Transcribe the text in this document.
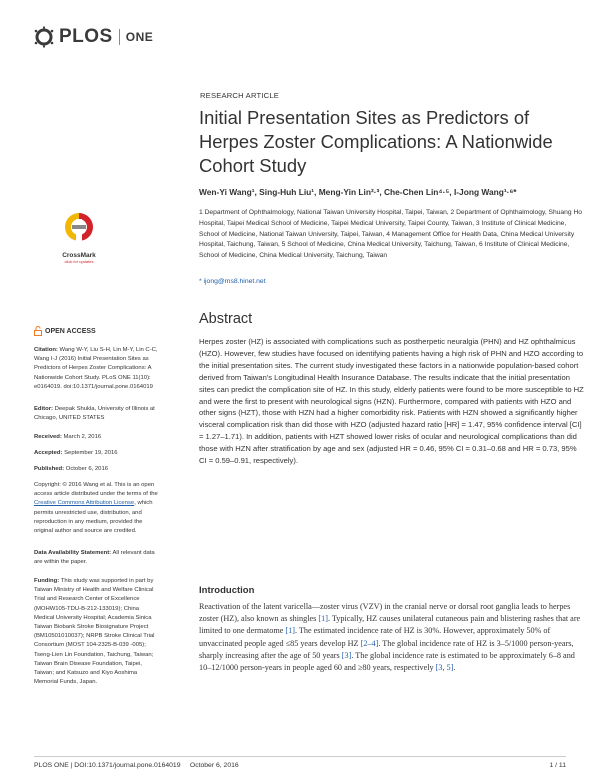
PLOS ONE
RESEARCH ARTICLE
Initial Presentation Sites as Predictors of Herpes Zoster Complications: A Nationwide Cohort Study
Wen-Yi Wang¹, Sing-Huh Liu¹, Meng-Yin Lin²·³, Che-Chen Lin⁴·⁵, I-Jong Wang¹·⁶*
1 Department of Ophthalmology, National Taiwan University Hospital, Taipei, Taiwan, 2 Department of Ophthalmology, Shuang Ho Hospital, Taipei Medical School of Medicine, Taipei Medical University, Taipei County, Taiwan, 3 Institute of Clinical Medicine, School of Medicine, National Taiwan University, Taipei, Taiwan, 4 Management Office for Health Data, China Medical University Hospital, Taichung, Taiwan, 5 School of Medicine, China Medical University, Taichung, Taiwan, 6 Institute of Clinical Medicine, School of Medicine, China Medical University, Taichung, Taiwan
* ijong@ms8.hinet.net
CrossMark
click for updates
OPEN ACCESS
Citation: Wang W-Y, Liu S-H, Lin M-Y, Lin C-C, Wang I-J (2016) Initial Presentation Sites as Predictors of Herpes Zoster Complications: A Nationwide Cohort Study. PLoS ONE 11(10): e0164019. doi:10.1371/journal.pone.0164019
Editor: Deepak Shukla, University of Illinois at Chicago, UNITED STATES
Received: March 2, 2016
Accepted: September 19, 2016
Published: October 6, 2016
Copyright: © 2016 Wang et al. This is an open access article distributed under the terms of the Creative Commons Attribution License, which permits unrestricted use, distribution, and reproduction in any medium, provided the original author and source are credited.
Data Availability Statement: All relevant data are within the paper.
Funding: This study was supported in part by Taiwan Ministry of Health and Welfare Clinical Trial and Research Center of Excellence (MOHW105-TDU-B-212-133019); China Medical University Hospital; Academia Sinica Taiwan Biobank Stroke Biosignature Project (BM10501010037); NRPB Stroke Clinical Trial Consortium (MOST 104-2325-B-039 -005); Tseng-Lien Lin Foundation, Taichung, Taiwan; Taiwan Brain Disease Foundation, Taipei, Taiwan; and Katsuzo and Kiyo Aoshima Memorial Funds, Japan.
Abstract
Herpes zoster (HZ) is associated with complications such as postherpetic neuralgia (PHN) and HZ ophthalmicus (HZO). However, few studies have focused on identifying patients having a high risk of PHN and HZO according to the initial presentation sites. The current study investigated these factors in a nationwide population-based cohort derived from Taiwan's Longitudinal Health Insurance Database. The results indicate that the initial presentation sites can predict the complication site of HZ. In this study, elderly patients were found to be more susceptible to HZ and were the first to present with neurological signs (HZN). Furthermore, compared with patients with HZO and other signs (HZT), those with HZN had a higher comorbidity risk. Patients with HZN showed a significantly higher visceral complication risk than did those with HZO (adjusted hazard ratio [HR] = 1.47, 95% confidence interval [CI] = 1.27–1.71). In addition, patients with HZT showed lower risks of ocular and neurological complications than did those with HZN after stratification by age and sex (adjusted HR = 0.46, 95% CI = 0.31–0.68 and HR = 0.73, 95% CI = 0.59–0.91, respectively).
Introduction
Reactivation of the latent varicella—zoster virus (VZV) in the cranial nerve or dorsal root ganglia leads to herpes zoster (HZ), also known as shingles [1]. Typically, HZ causes unilateral cutaneous pain and blistering rashes that are limited to one dermatome [1]. The estimated incidence rate of HZ is 30%. However, approximately 50% of unvaccinated people aged ≤85 years develop HZ [2–4]. The global incidence rate of HZ is 3–5/1000 person-years, sharply increasing after the age of 50 years [3]. The global incidence rate is estimated to be approximately 6–8 and 10–12/1000 person-years in people aged 60 and ≥80 years, respectively [3, 5].
PLOS ONE | DOI:10.1371/journal.pone.0164019     October 6, 2016	1 / 11
